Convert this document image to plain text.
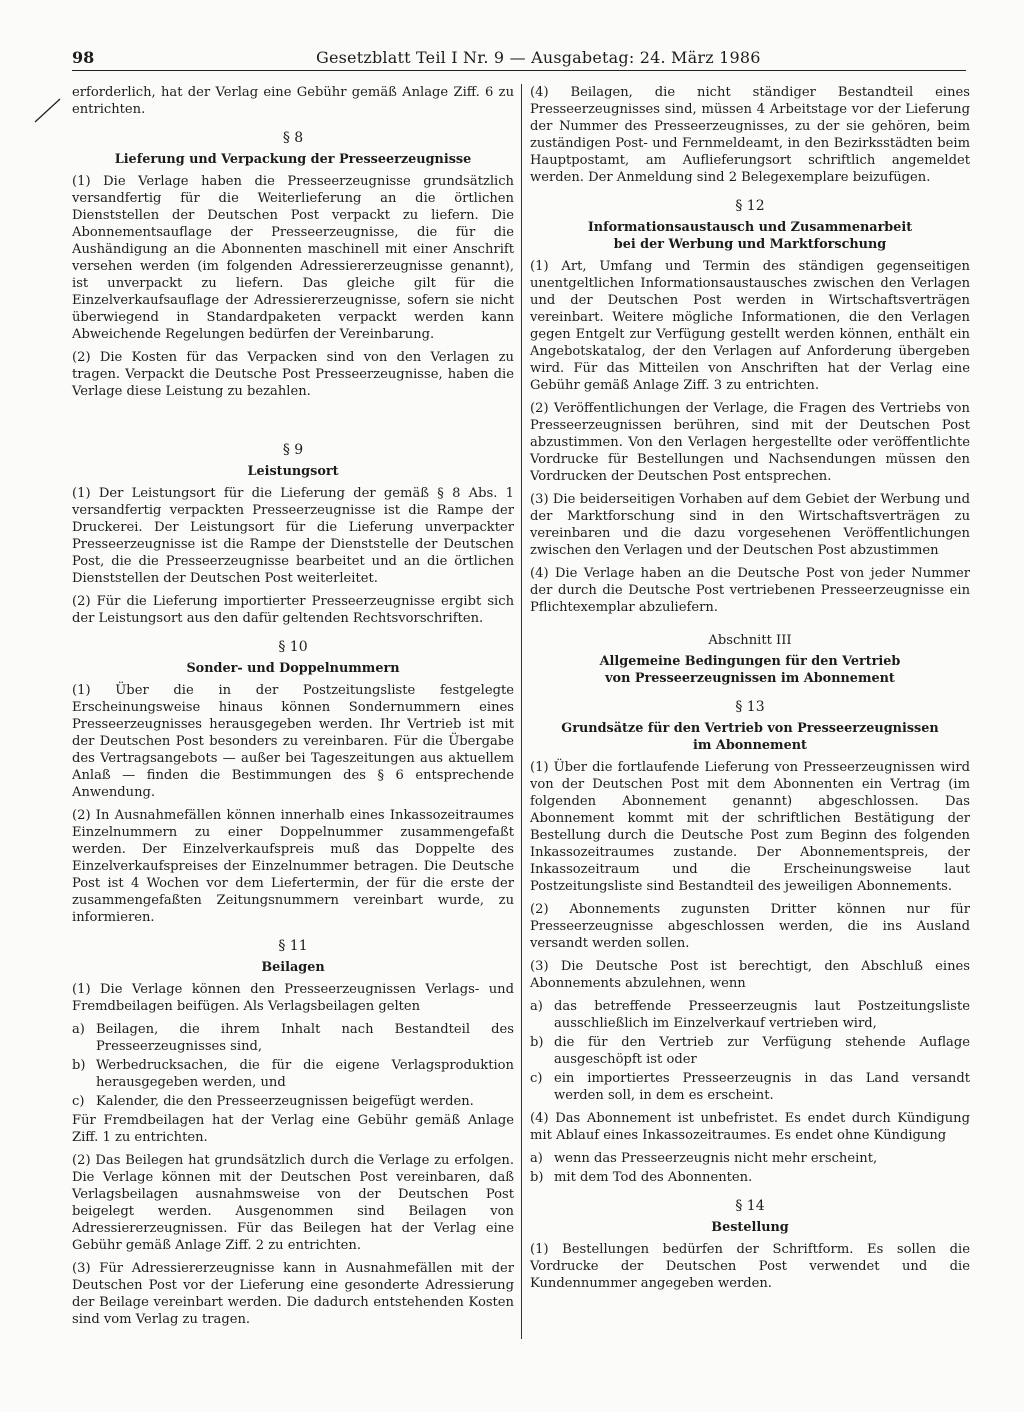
98	Gesetzblatt Teil I Nr. 9 — Ausgabetag: 24. März 1986

erforderlich, hat der Verlag eine Gebühr gemäß Anlage Ziff. 6 zu entrichten.

§ 8
Lieferung und Verpackung der Presseerzeugnisse

(1) Die Verlage haben die Presseerzeugnisse grundsätzlich versandfertig für die Weiterlieferung an die örtlichen Dienststellen der Deutschen Post verpackt zu liefern. Die Abonnementsauflage der Presseerzeugnisse, die für die Aushändigung an die Abonnenten maschinell mit einer Anschrift versehen werden (im folgenden Adressiererzeugnisse genannt), ist unverpackt zu liefern. Das gleiche gilt für die Einzelverkaufsauflage der Adressiererzeugnisse, sofern sie nicht überwiegend in Standardpaketen verpackt werden kann Abweichende Regelungen bedürfen der Vereinbarung.

(2) Die Kosten für das Verpacken sind von den Verlagen zu tragen. Verpackt die Deutsche Post Presseerzeugnisse, haben die Verlage diese Leistung zu bezahlen.

§ 9
Leistungsort

(1) Der Leistungsort für die Lieferung der gemäß § 8 Abs. 1 versandfertig verpackten Presseerzeugnisse ist die Rampe der Druckerei. Der Leistungsort für die Lieferung unverpackter Presseerzeugnisse ist die Rampe der Dienststelle der Deutschen Post, die die Presseerzeugnisse bearbeitet und an die örtlichen Dienststellen der Deutschen Post weiterleitet.

(2) Für die Lieferung importierter Presseerzeugnisse ergibt sich der Leistungsort aus den dafür geltenden Rechtsvorschriften.

§ 10
Sonder- und Doppelnummern

(1) Über die in der Postzeitungsliste festgelegte Erscheinungsweise hinaus können Sondernummern eines Presseerzeugnisses herausgegeben werden. Ihr Vertrieb ist mit der Deutschen Post besonders zu vereinbaren. Für die Übergabe des Vertragsangebots — außer bei Tageszeitungen aus aktuellem Anlaß — finden die Bestimmungen des § 6 entsprechende Anwendung.

(2) In Ausnahmefällen können innerhalb eines Inkassozeitraumes Einzelnummern zu einer Doppelnummer zusammengefaßt werden. Der Einzelverkaufspreis muß das Doppelte des Einzelverkaufspreises der Einzelnummer betragen. Die Deutsche Post ist 4 Wochen vor dem Liefertermin, der für die erste der zusammengefaßten Zeitungsnummern vereinbart wurde, zu informieren.

§ 11
Beilagen

(1) Die Verlage können den Presseerzeugnissen Verlags- und Fremdbeilagen beifügen. Als Verlagsbeilagen gelten

a) Beilagen, die ihrem Inhalt nach Bestandteil des Presseerzeugnisses sind,
b) Werbedrucksachen, die für die eigene Verlagsproduktion herausgegeben werden, und
c) Kalender, die den Presseerzeugnissen beigefügt werden.

Für Fremdbeilagen hat der Verlag eine Gebühr gemäß Anlage Ziff. 1 zu entrichten.

(2) Das Beilegen hat grundsätzlich durch die Verlage zu erfolgen. Die Verlage können mit der Deutschen Post vereinbaren, daß Verlagsbeilagen ausnahmsweise von der Deutschen Post beigelegt werden. Ausgenommen sind Beilagen von Adressiererzeugnissen. Für das Beilegen hat der Verlag eine Gebühr gemäß Anlage Ziff. 2 zu entrichten.

(3) Für Adressiererzeugnisse kann in Ausnahmefällen mit der Deutschen Post vor der Lieferung eine gesonderte Adressierung der Beilage vereinbart werden. Die dadurch entstehenden Kosten sind vom Verlag zu tragen.

(4) Beilagen, die nicht ständiger Bestandteil eines Presseerzeugnisses sind, müssen 4 Arbeitstage vor der Lieferung der Nummer des Presseerzeugnisses, zu der sie gehören, beim zuständigen Post- und Fernmeldeamt, in den Bezirksstädten beim Hauptpostamt, am Auflieferungsort schriftlich angemeldet werden. Der Anmeldung sind 2 Belegexemplare beizufügen.

§ 12
Informationsaustausch und Zusammenarbeit
bei der Werbung und Marktforschung

(1) Art, Umfang und Termin des ständigen gegenseitigen unentgeltlichen Informationsaustausches zwischen den Verlagen und der Deutschen Post werden in Wirtschaftsverträgen vereinbart. Weitere mögliche Informationen, die den Verlagen gegen Entgelt zur Verfügung gestellt werden können, enthält ein Angebotskatalog, der den Verlagen auf Anforderung übergeben wird. Für das Mitteilen von Anschriften hat der Verlag eine Gebühr gemäß Anlage Ziff. 3 zu entrichten.

(2) Veröffentlichungen der Verlage, die Fragen des Vertriebs von Presseerzeugnissen berühren, sind mit der Deutschen Post abzustimmen. Von den Verlagen hergestellte oder veröffentlichte Vordrucke für Bestellungen und Nachsendungen müssen den Vordrucken der Deutschen Post entsprechen.

(3) Die beiderseitigen Vorhaben auf dem Gebiet der Werbung und der Marktforschung sind in den Wirtschaftsverträgen zu vereinbaren und die dazu vorgesehenen Veröffentlichungen zwischen den Verlagen und der Deutschen Post abzustimmen

(4) Die Verlage haben an die Deutsche Post von jeder Nummer der durch die Deutsche Post vertriebenen Presseerzeugnisse ein Pflichtexemplar abzuliefern.

Abschnitt III
Allgemeine Bedingungen für den Vertrieb
von Presseerzeugnissen im Abonnement
§ 13
Grundsätze für den Vertrieb von Presseerzeugnissen
im Abonnement

(1) Über die fortlaufende Lieferung von Presseerzeugnissen wird von der Deutschen Post mit dem Abonnenten ein Vertrag (im folgenden Abonnement genannt) abgeschlossen. Das Abonnement kommt mit der schriftlichen Bestätigung der Bestellung durch die Deutsche Post zum Beginn des folgenden Inkassozeitraumes zustande. Der Abonnementspreis, der Inkassozeitraum und die Erscheinungsweise laut Postzeitungsliste sind Bestandteil des jeweiligen Abonnements.

(2) Abonnements zugunsten Dritter können nur für Presseerzeugnisse abgeschlossen werden, die ins Ausland versandt werden sollen.

(3) Die Deutsche Post ist berechtigt, den Abschluß eines Abonnements abzulehnen, wenn

a) das betreffende Presseerzeugnis laut Postzeitungsliste ausschließlich im Einzelverkauf vertrieben wird,
b) die für den Vertrieb zur Verfügung stehende Auflage ausgeschöpft ist oder
c) ein importiertes Presseerzeugnis in das Land versandt werden soll, in dem es erscheint.

(4) Das Abonnement ist unbefristet. Es endet durch Kündigung mit Ablauf eines Inkassozeitraumes. Es endet ohne Kündigung

a) wenn das Presseerzeugnis nicht mehr erscheint,
b) mit dem Tod des Abonnenten.
§ 14
Bestellung

(1) Bestellungen bedürfen der Schriftform. Es sollen die Vordrucke der Deutschen Post verwendet und die Kundennummer angegeben werden.
